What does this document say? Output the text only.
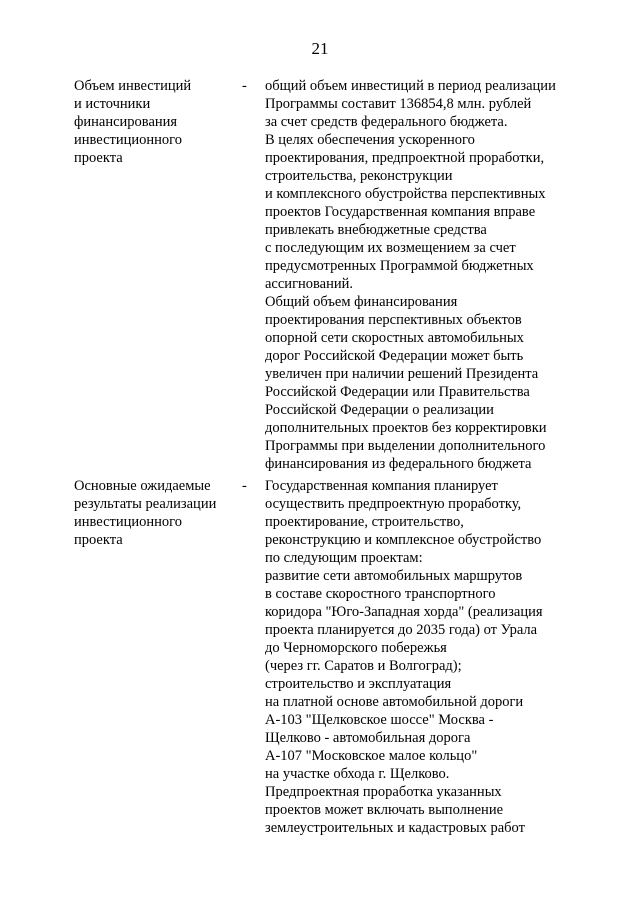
21
Объем инвестиций
и источники
финансирования
инвестиционного
проекта
- общий объем инвестиций в период реализации
Программы составит 136854,8 млн. рублей
за счет средств федерального бюджета.
В целях обеспечения ускоренного
проектирования, предпроектной проработки,
строительства, реконструкции
и комплексного обустройства перспективных
проектов Государственная компания вправе
привлекать внебюджетные средства
с последующим их возмещением за счет
предусмотренных Программой бюджетных
ассигнований.
Общий объем финансирования
проектирования перспективных объектов
опорной сети скоростных автомобильных
дорог Российской Федерации может быть
увеличен при наличии решений Президента
Российской Федерации или Правительства
Российской Федерации о реализации
дополнительных проектов без корректировки
Программы при выделении дополнительного
финансирования из федерального бюджета
Основные ожидаемые
результаты реализации
инвестиционного
проекта
- Государственная компания планирует
осуществить предпроектную проработку,
проектирование, строительство,
реконструкцию и комплексное обустройство
по следующим проектам:
развитие сети автомобильных маршрутов
в составе скоростного транспортного
коридора "Юго-Западная хорда" (реализация
проекта планируется до 2035 года) от Урала
до Черноморского побережья
(через гг. Саратов и Волгоград);
строительство и эксплуатация
на платной основе автомобильной дороги
А-103 "Щелковское шоссе" Москва -
Щелково - автомобильная дорога
А-107 "Московское малое кольцо"
на участке обхода г. Щелково.
Предпроектная проработка указанных
проектов может включать выполнение
землеустроительных и кадастровых работ
